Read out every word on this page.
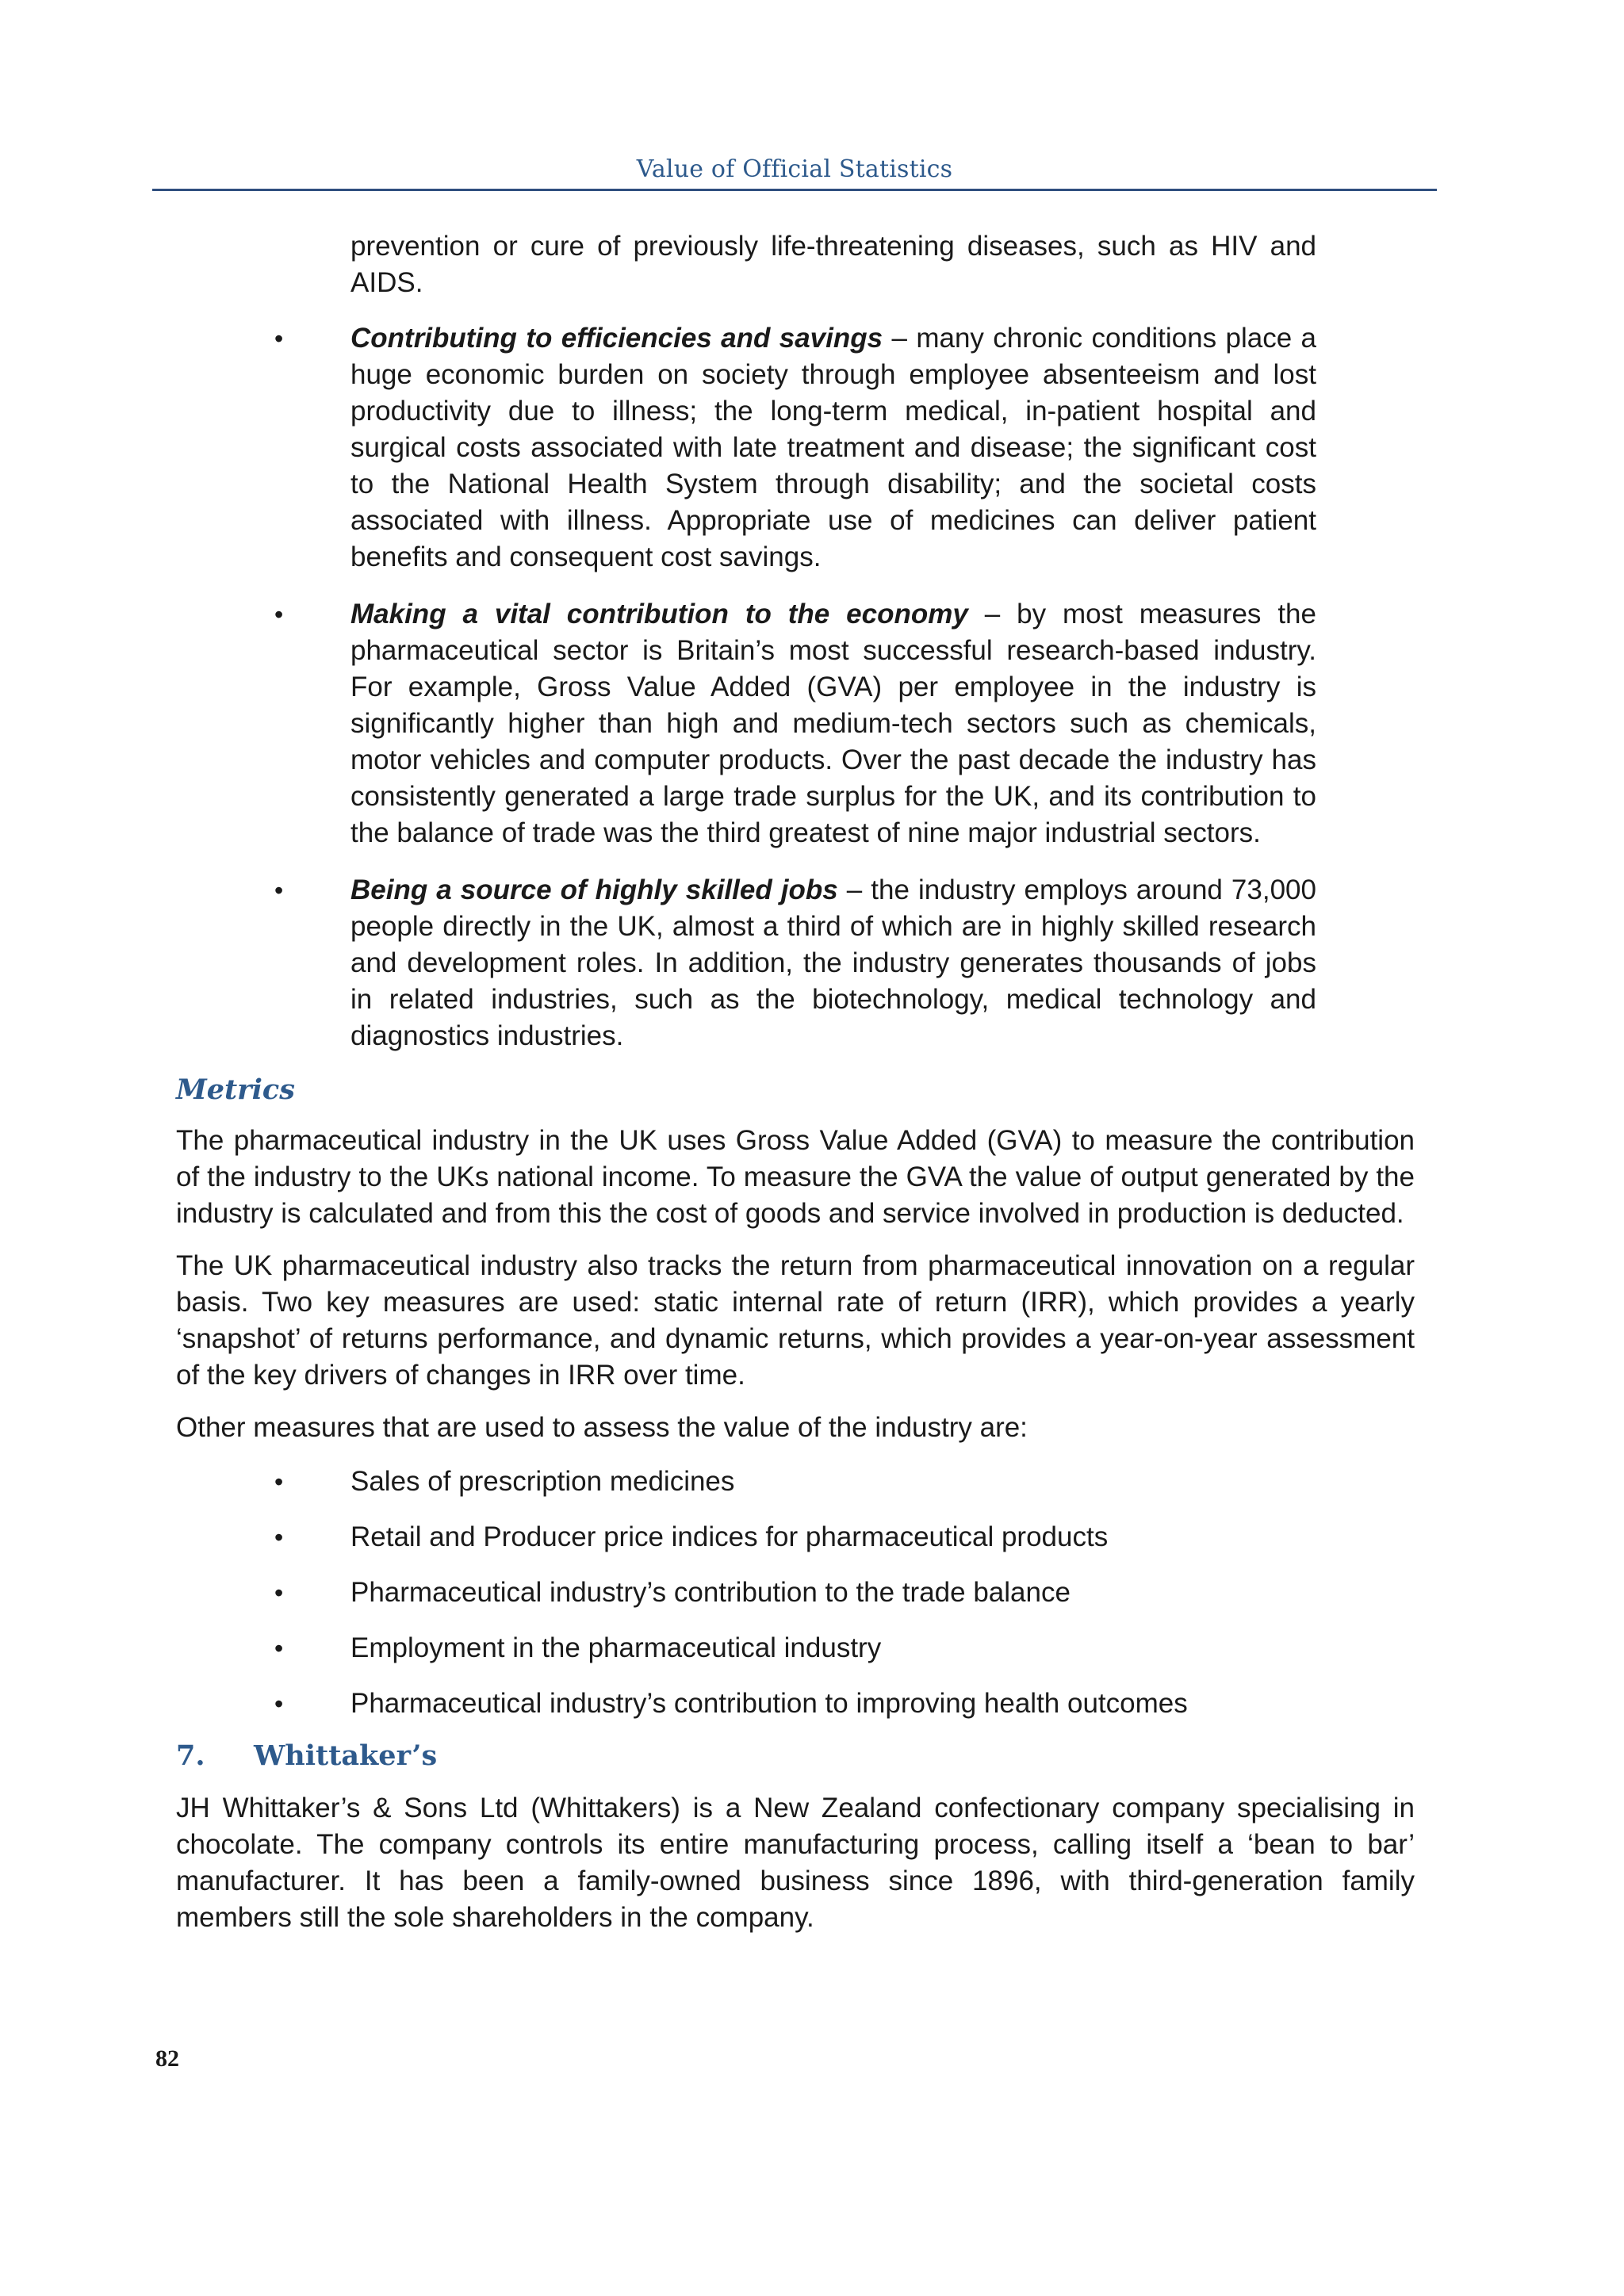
Value of Official Statistics

prevention or cure of previously life-threatening diseases, such as HIV and AIDS.

• Contributing to efficiencies and savings – many chronic conditions place a huge economic burden on society through employee absenteeism and lost productivity due to illness; the long-term medical, in-patient hospital and surgical costs associated with late treatment and disease; the significant cost to the National Health System through disability; and the societal costs associated with illness. Appropriate use of medicines can deliver patient benefits and consequent cost savings.
• Making a vital contribution to the economy – by most measures the pharmaceutical sector is Britain’s most successful research-based industry. For example, Gross Value Added (GVA) per employee in the industry is significantly higher than high and medium-tech sectors such as chemicals, motor vehicles and computer products. Over the past decade the industry has consistently generated a large trade surplus for the UK, and its contribution to the balance of trade was the third greatest of nine major industrial sectors.
• Being a source of highly skilled jobs – the industry employs around 73,000 people directly in the UK, almost a third of which are in highly skilled research and development roles. In addition, the industry generates thousands of jobs in related industries, such as the biotechnology, medical technology and diagnostics industries.
Metrics

The pharmaceutical industry in the UK uses Gross Value Added (GVA) to measure the contribution of the industry to the UKs national income. To measure the GVA the value of output generated by the industry is calculated and from this the cost of goods and service involved in production is deducted.

The UK pharmaceutical industry also tracks the return from pharmaceutical innovation on a regular basis. Two key measures are used: static internal rate of return (IRR), which provides a yearly ‘snapshot’ of returns performance, and dynamic returns, which provides a year-on-year assessment of the key drivers of changes in IRR over time.

Other measures that are used to assess the value of the industry are:

• Sales of prescription medicines
• Retail and Producer price indices for pharmaceutical products
• Pharmaceutical industry’s contribution to the trade balance
• Employment in the pharmaceutical industry
• Pharmaceutical industry’s contribution to improving health outcomes
7. Whittaker’s

JH Whittaker’s & Sons Ltd (Whittakers) is a New Zealand confectionary company specialising in chocolate. The company controls its entire manufacturing process, calling itself a ‘bean to bar’ manufacturer. It has been a family-owned business since 1896, with third-generation family members still the sole shareholders in the company.

82
